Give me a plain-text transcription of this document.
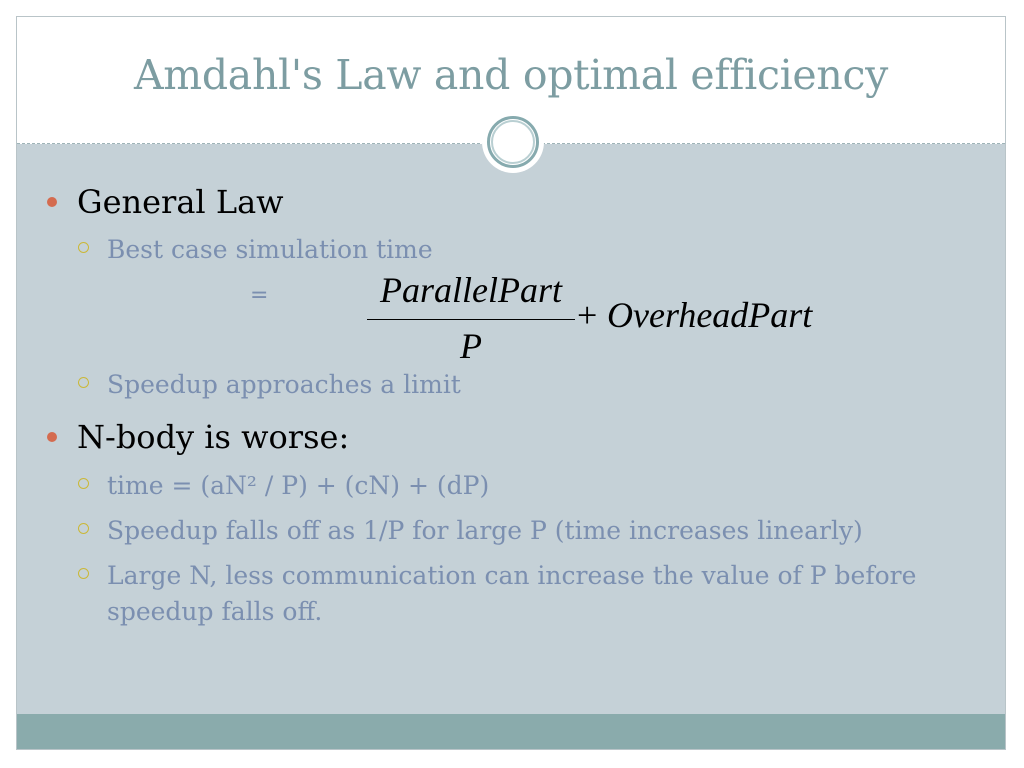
Amdahl's Law and optimal efficiency
General Law
Best case simulation time
=	ParallelPart
P
+ OverheadPart
Speedup approaches a limit
N-body is worse:
time = (aN² / P) + (cN) + (dP)
Speedup falls off as 1/P for large P (time increases linearly)
Large N, less communication can increase the value of P before speedup falls off.
